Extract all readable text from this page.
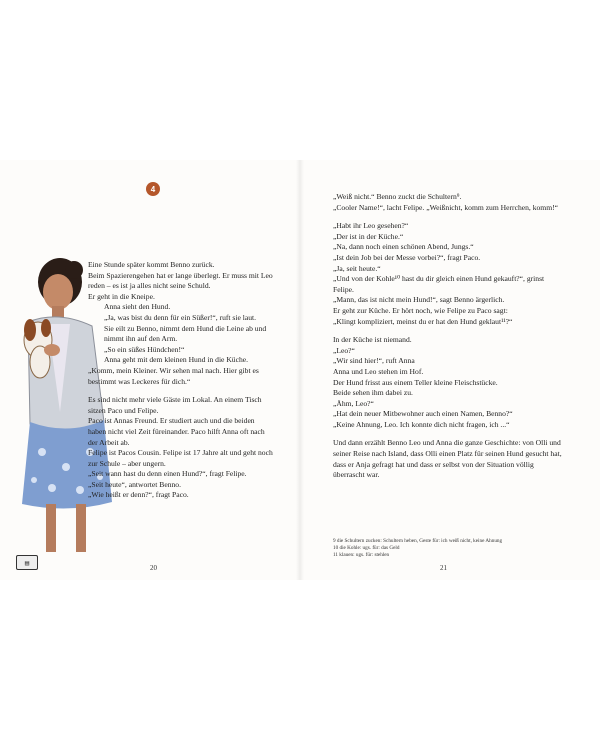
4

Eine Stunde später kommt Benno zurück.

Beim Spazierengehen hat er lange überlegt. Er muss mit Leo reden – es ist ja alles nicht seine Schuld.

Er geht in die Kneipe.

Anna sieht den Hund.

„Ja, was bist du denn für ein Süßer!“, ruft sie laut.

Sie eilt zu Benno, nimmt dem Hund die Leine ab und nimmt ihn auf den Arm.

„So ein süßes Hündchen!“

Anna geht mit dem kleinen Hund in die Küche.

„Komm, mein Kleiner. Wir sehen mal nach. Hier gibt es bestimmt was Leckeres für dich.“

Es sind nicht mehr viele Gäste im Lokal. An einem Tisch sitzen Paco und Felipe.

Paco ist Annas Freund. Er studiert auch und die beiden haben nicht viel Zeit füreinander. Paco hilft Anna oft nach der Arbeit ab.

Felipe ist Pacos Cousin. Felipe ist 17 Jahre alt und geht noch zur Schule – aber ungern.

„Seit wann hast du denn einen Hund?“, fragt Felipe.

„Seit heute“, antwortet Benno.

„Wie heißt er denn?“, fragt Paco.

▤
20

„Weiß nicht.“ Benno zuckt die Schultern⁹.

„Cooler Name!“, lacht Felipe. „Weißnicht, komm zum Herrchen, komm!“

„Habt ihr Leo gesehen?“

„Der ist in der Küche.“

„Na, dann noch einen schönen Abend, Jungs.“

„Ist dein Job bei der Messe vorbei?“, fragt Paco.

„Ja, seit heute.“

„Und von der Kohle¹⁰ hast du dir gleich einen Hund gekauft?“, grinst Felipe.

„Mann, das ist nicht mein Hund!“, sagt Benno ärgerlich.

Er geht zur Küche. Er hört noch, wie Felipe zu Paco sagt:

„Klingt kompliziert, meinst du er hat den Hund geklaut¹¹?“

In der Küche ist niemand.

„Leo?“

„Wir sind hier!“, ruft Anna

Anna und Leo stehen im Hof.

Der Hund frisst aus einem Teller kleine Fleischstücke.

Beide sehen ihm dabei zu.

„Ähm, Leo?“

„Hat dein neuer Mitbewohner auch einen Namen, Benno?“

„Keine Ahnung, Leo. Ich konnte dich nicht fragen, ich ...“

Und dann erzählt Benno Leo und Anna die ganze Geschichte: von Olli und seiner Reise nach Island, dass Olli einen Platz für seinen Hund gesucht hat, dass er Anja gefragt hat und dass er selbst von der Situation völlig überrascht war.

9 die Schultern zucken: Schultern heben, Geste für: ich weiß nicht, keine Ahnung

10 die Kohle: ugs. für: das Geld

11 klauen: ugs. für: stehlen

21
